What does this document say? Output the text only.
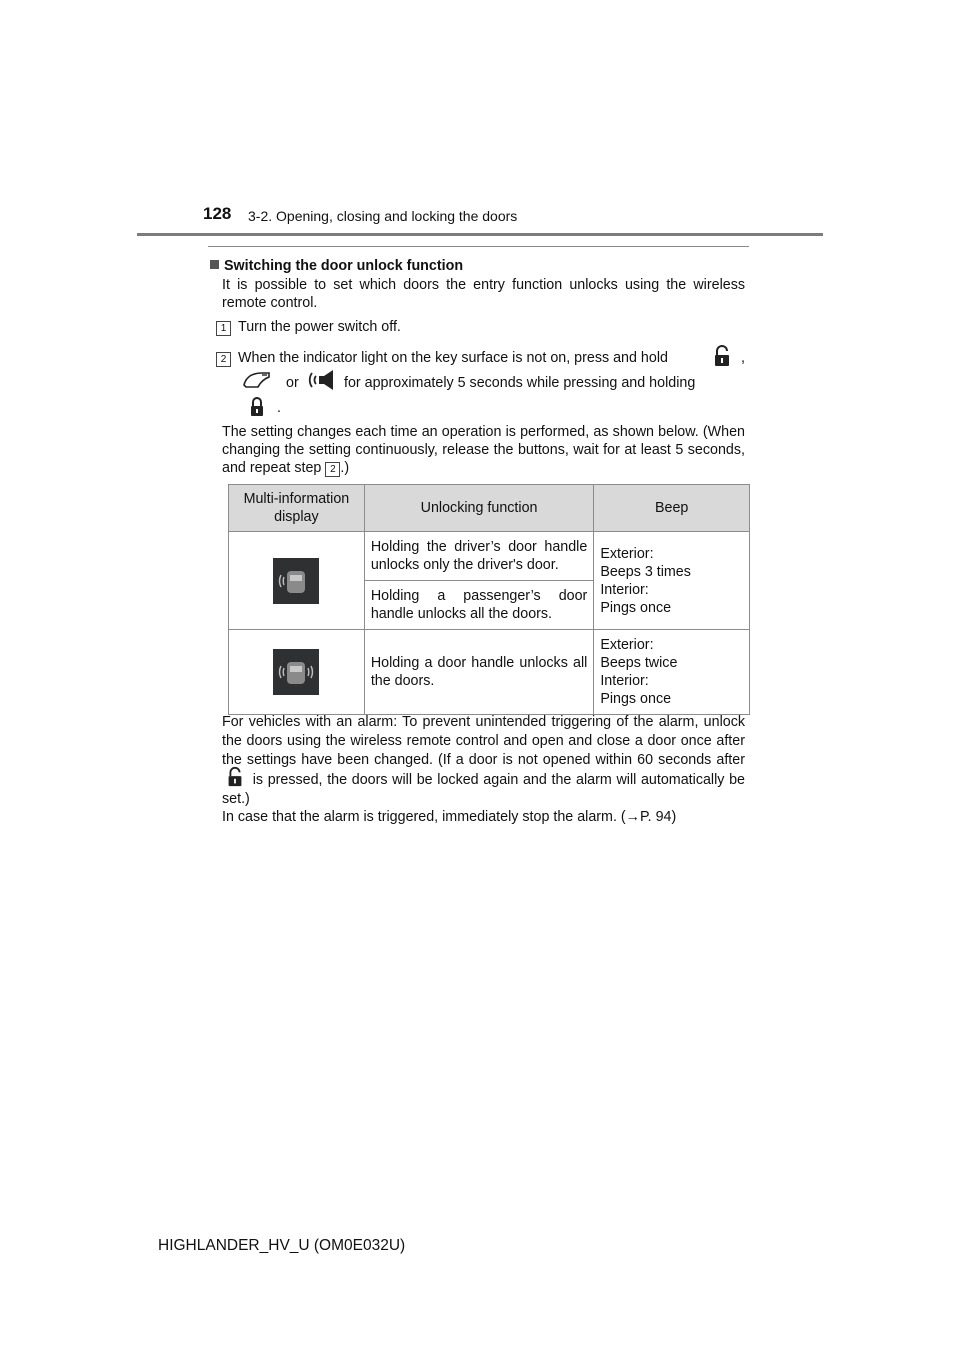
128 3-2. Opening, closing and locking the doors
Switching the door unlock function
It is possible to set which doors the entry function unlocks using the wireless remote control.
1 Turn the power switch off.
2 When the indicator light on the key surface is not on, press and hold	,
or	for approximately 5 seconds while pressing and holding
.
The setting changes each time an operation is performed, as shown below. (When changing the setting continuously, release the buttons, wait for at least 5 seconds, and repeat step 2 .)
Multi-information display	Unlocking function	Beep

	Holding the driver’s door handle unlocks only the driver's door.	Exterior:
Beeps 3 times
Interior:
Pings once

	Holding a passenger’s door handle unlocks all the doors.	

	Holding a door handle unlocks all the doors.	Exterior:
Beeps twice
Interior:
Pings once
For vehicles with an alarm: To prevent unintended triggering of the alarm, unlock the doors using the wireless remote control and open and close a door once after the settings have been changed. (If a door is not opened within 60 seconds after
is pressed, the doors will be locked again and the alarm will automatically be set.)
In case that the alarm is triggered, immediately stop the alarm. (→P. 94)
HIGHLANDER_HV_U (OM0E032U)
